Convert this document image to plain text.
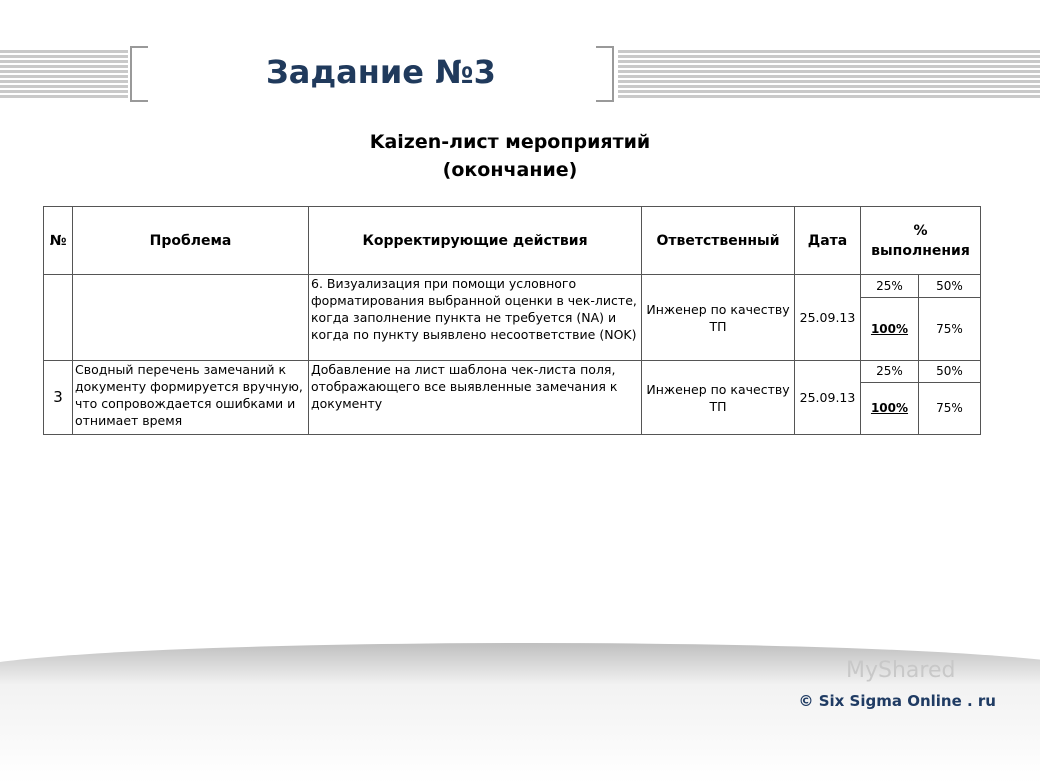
Задание №3
Kaizen-лист мероприятий
(окончание)
№	Проблема	Корректирующие действия	Ответственный	Дата	% выполнения	
		6. Визуализация при помощи условного форматирования выбранной оценки в чек-листе, когда заполнение пункта не требуется (NA) и когда по пункту выявлено несоответствие (NOK)	Инженер по качеству ТП	25.09.13	25%	50%
					100%	75%
3	Сводный перечень замечаний к документу формируется вручную, что сопровождается ошибками и отнимает время	Добавление на лист шаблона чек-листа поля, отображающего все выявленные замечания к документу	Инженер по качеству ТП	25.09.13	25%	50%
					100%	75%
MyShared
© Six Sigma Online . ru
